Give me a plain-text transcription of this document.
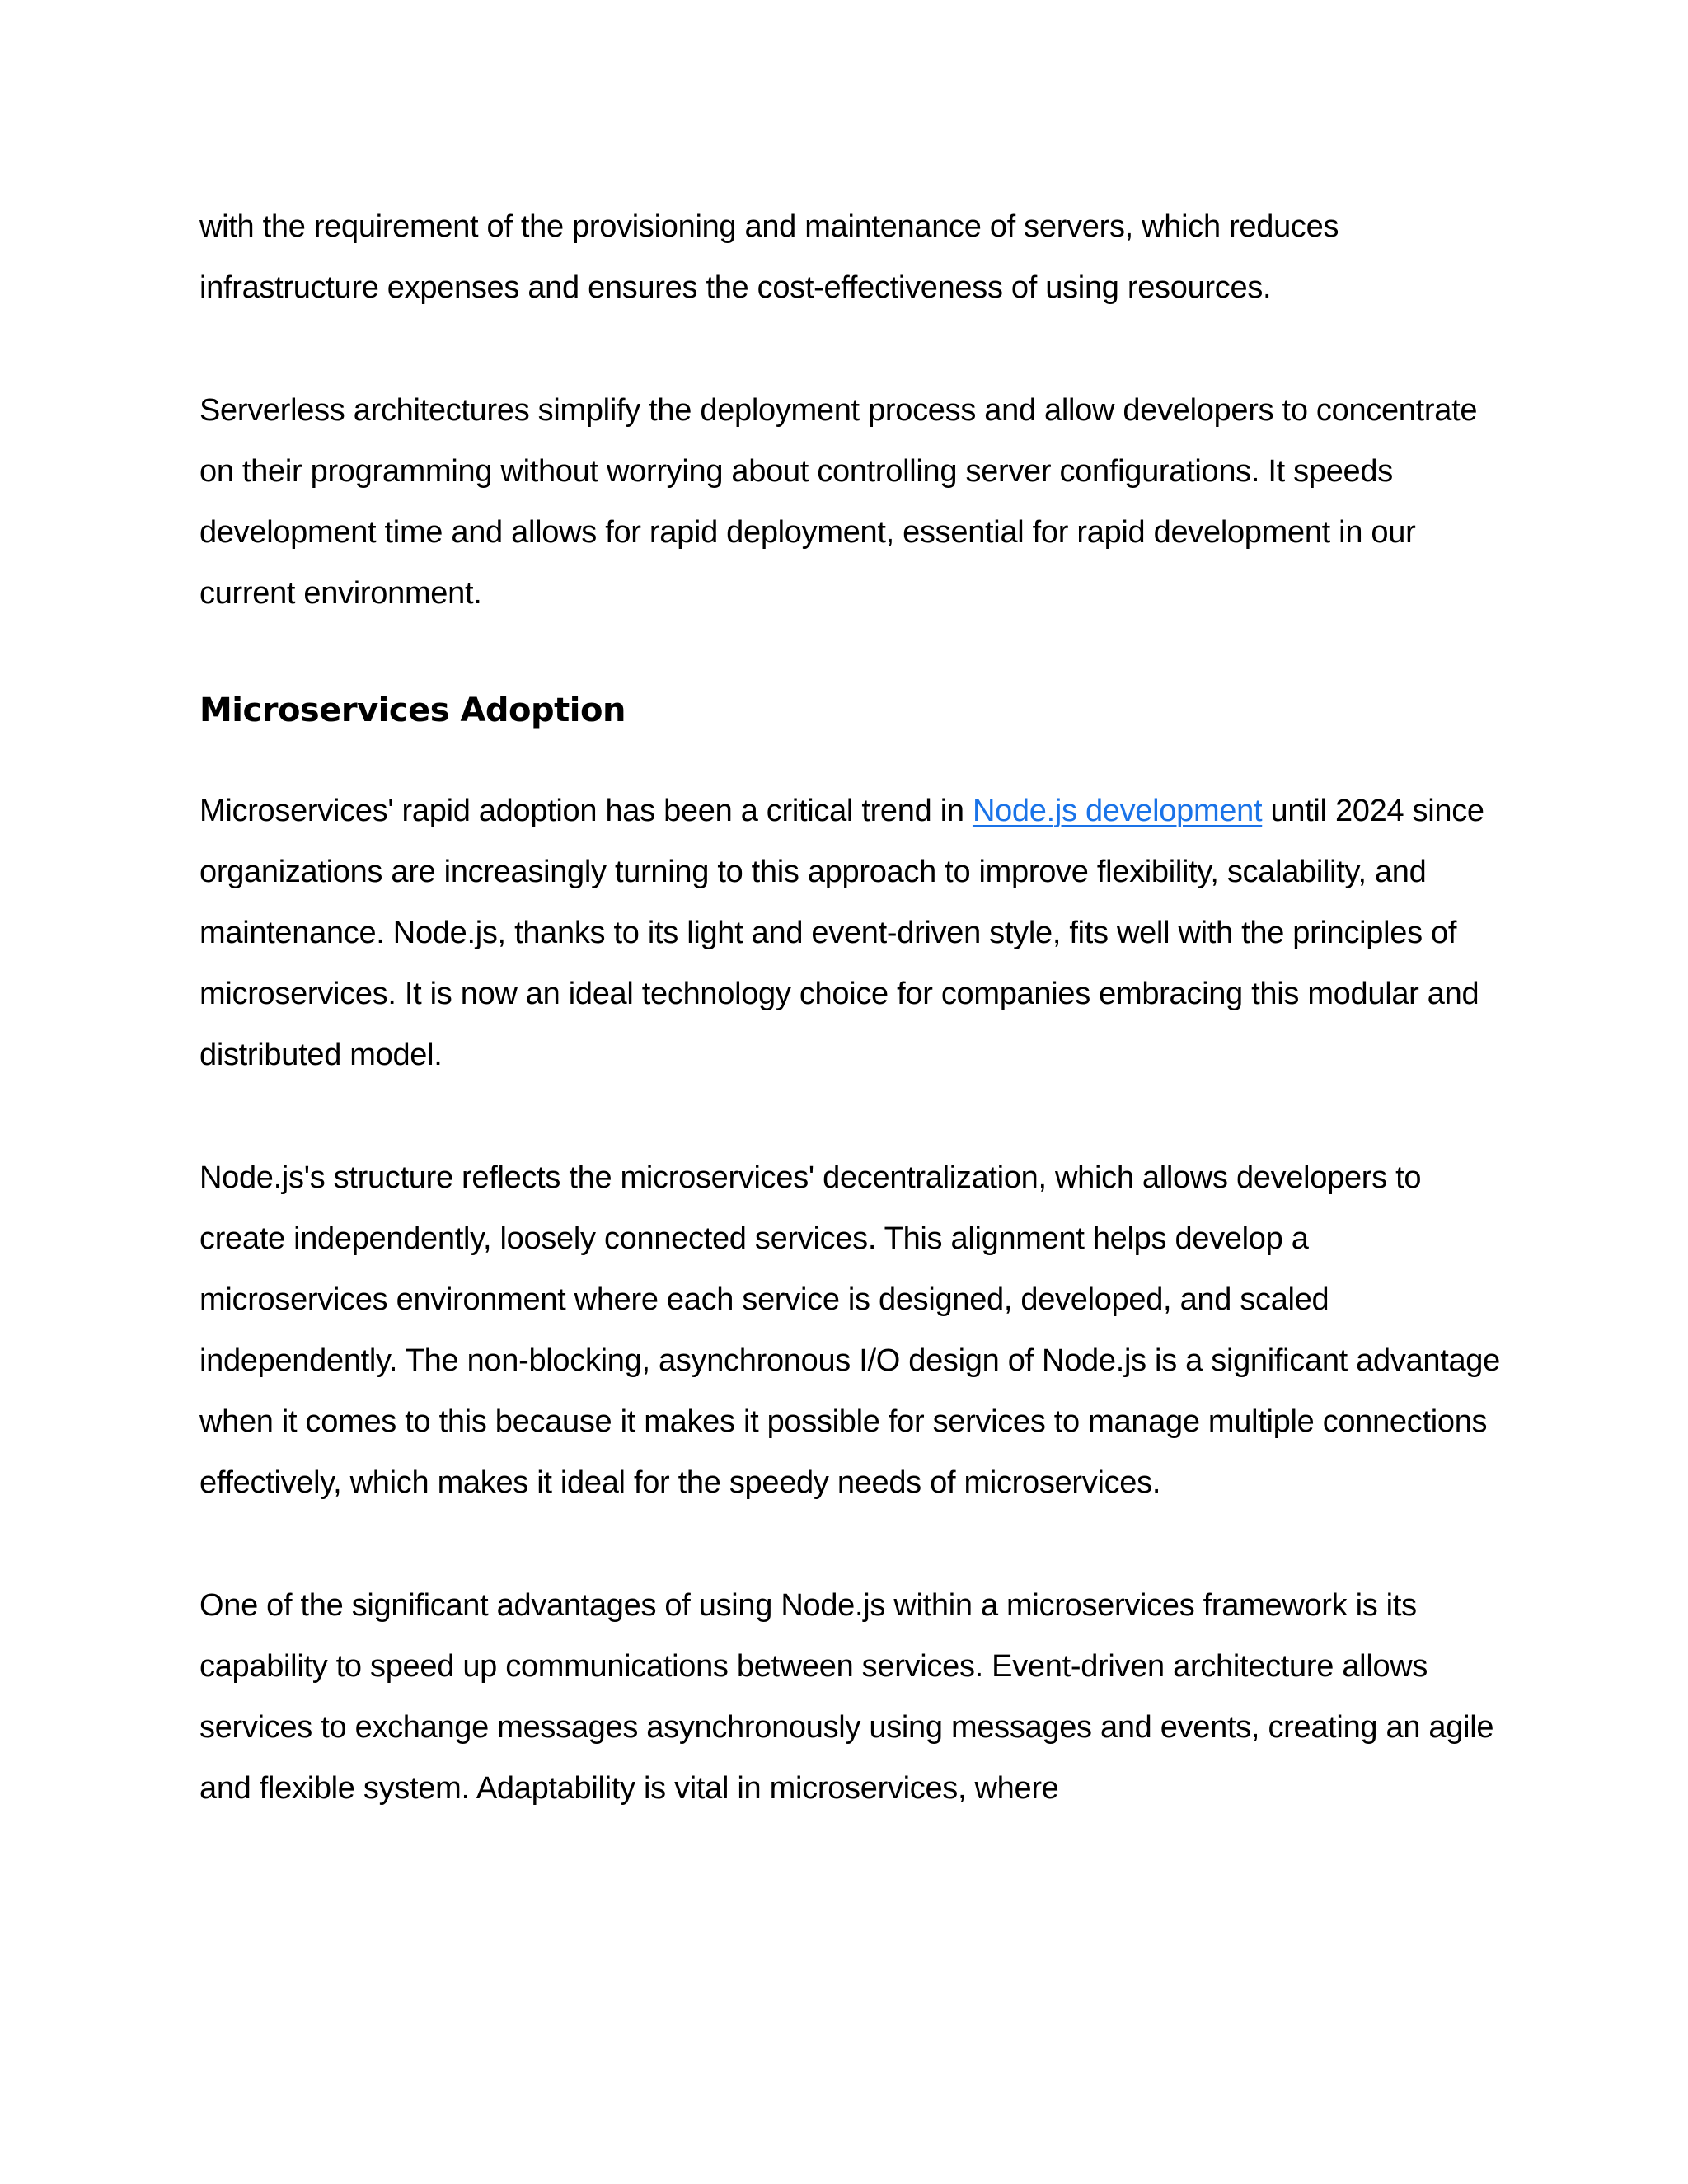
with the requirement of the provisioning and maintenance of servers, which reduces infrastructure expenses and ensures the cost-effectiveness of using resources.

Serverless architectures simplify the deployment process and allow developers to concentrate on their programming without worrying about controlling server configurations. It speeds development time and allows for rapid deployment, essential for rapid development in our current environment.

Microservices Adoption

Microservices' rapid adoption has been a critical trend in Node.js development until 2024 since organizations are increasingly turning to this approach to improve flexibility, scalability, and maintenance. Node.js, thanks to its light and event-driven style, fits well with the principles of microservices. It is now an ideal technology choice for companies embracing this modular and distributed model.

Node.js's structure reflects the microservices' decentralization, which allows developers to create independently, loosely connected services. This alignment helps develop a microservices environment where each service is designed, developed, and scaled independently. The non-blocking, asynchronous I/O design of Node.js is a significant advantage when it comes to this because it makes it possible for services to manage multiple connections effectively, which makes it ideal for the speedy needs of microservices.

One of the significant advantages of using Node.js within a microservices framework is its capability to speed up communications between services. Event-driven architecture allows services to exchange messages asynchronously using messages and events, creating an agile and flexible system. Adaptability is vital in microservices, where
